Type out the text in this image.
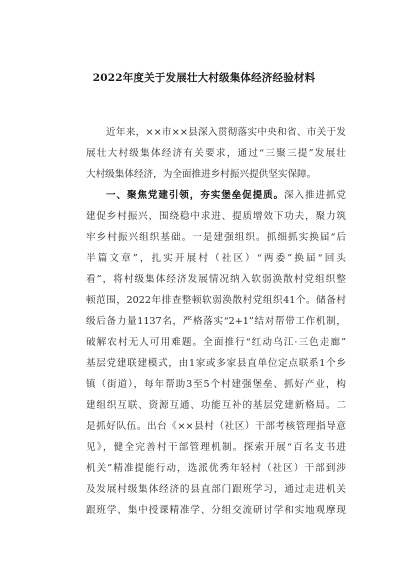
2022年度关于发展壮大村级集体经济经验材料
近年来，××市××县深入贯彻落实中央和省、市关于发
展壮大村级集体经济有关要求，通过“三聚三提”发展壮
大村级集体经济，为全面推进乡村振兴提供坚实保障。
一、聚焦党建引领，夯实堡垒促提质。深入推进抓党
建促乡村振兴，围绕稳中求进、提质增效下功夫，聚力筑
牢乡村振兴组织基础。一是建强组织。抓细抓实换届“后
半篇文章”，扎实开展村（社区）“两委”换届“回头
看”，将村级集体经济发展情况纳入软弱涣散村党组织整
顿范围，2022年排查整顿软弱涣散村党组织41个。储备村
级后备力量1137名，严格落实“2+1”结对帮带工作机制，
破解农村无人可用难题。全面推行“红动乌江·三色走廊”
基层党建联建模式，由1家或多家县直单位定点联系1个乡
镇（街道），每年帮助3至5个村建强堡垒、抓好产业，构
建组织互联、资源互通、功能互补的基层党建新格局。二
是抓好队伍。出台《××县村（社区）干部考核管理指导意
见》，健全完善村干部管理机制。探索开展“百名支书进
机关”精准提能行动，选派优秀年轻村（社区）干部到涉
及发展村级集体经济的县直部门跟班学习，通过走进机关
跟班学、集中授课精准学、分组交流研讨学和实地观摩现
